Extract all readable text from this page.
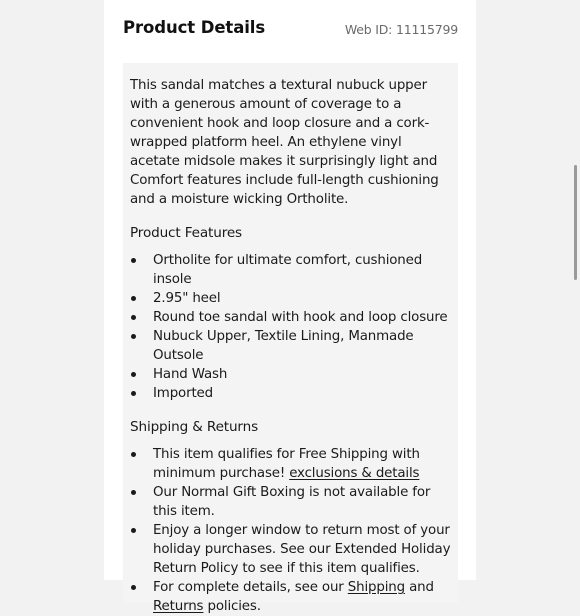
Product Details	Web ID: 11115799

This sandal matches a textural nubuck upper with a generous amount of coverage to a convenient hook and loop closure and a cork-wrapped platform heel. An ethylene vinyl acetate midsole makes it surprisingly light and Comfort features include full-length cushioning and a moisture wicking Ortholite.

Product Features
Ortholite for ultimate comfort, cushioned insole
2.95" heel
Round toe sandal with hook and loop closure
Nubuck Upper, Textile Lining, Manmade Outsole
Hand Wash
Imported
Shipping & Returns
This item qualifies for Free Shipping with minimum purchase! exclusions & details
Our Normal Gift Boxing is not available for this item.
Enjoy a longer window to return most of your holiday purchases. See our Extended Holiday Return Policy to see if this item qualifies.
For complete details, see our Shipping and Returns policies.
